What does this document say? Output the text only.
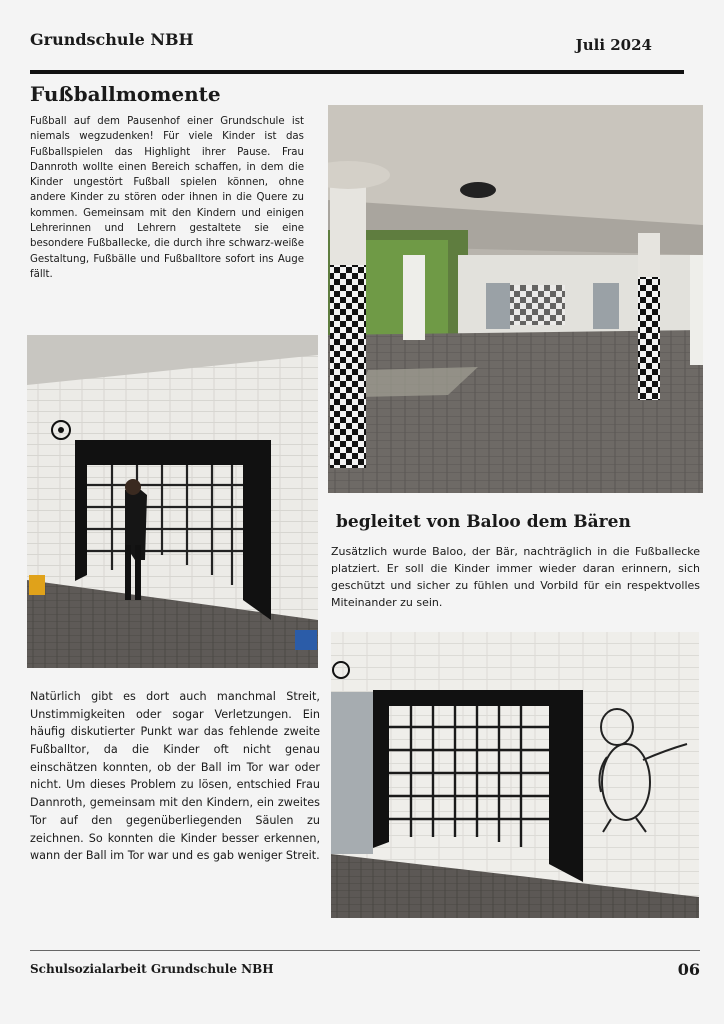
Grundschule NBH	Juli 2024
Fußballmomente

Fußball auf dem Pausenhof einer Grundschule ist niemals wegzudenken! Für viele Kinder ist das Fußballspielen das Highlight ihrer Pause. Frau Dannroth wollte einen Bereich schaffen, in dem die Kinder ungestört Fußball spielen können, ohne andere Kinder zu stören oder ihnen in die Quere zu kommen. Gemeinsam mit den Kindern und einigen Lehrerinnen und Lehrern gestaltete sie eine besondere Fußballecke, die durch ihre schwarz-weiße Gestaltung, Fußbälle und Fußballtore sofort ins Auge fällt.

begleitet von Baloo dem Bären

Zusätzlich wurde Baloo, der Bär, nachträglich in die Fußballecke platziert. Er soll die Kinder immer wieder daran erinnern, sich geschützt und sicher zu fühlen und Vorbild für ein respektvolles Miteinander zu sein.

Natürlich gibt es dort auch manchmal Streit, Unstimmigkeiten oder sogar Verletzungen. Ein häufig diskutierter Punkt war das fehlende zweite Fußballtor, da die Kinder oft nicht genau einschätzen konnten, ob der Ball im Tor war oder nicht. Um dieses Problem zu lösen, entschied Frau Dannroth, gemeinsam mit den Kindern, ein zweites Tor auf den gegenüberliegenden Säulen zu zeichnen. So konnten die Kinder besser erkennen, wann der Ball im Tor war und es gab weniger Streit.

Schulsozialarbeit Grundschule NBH	06
